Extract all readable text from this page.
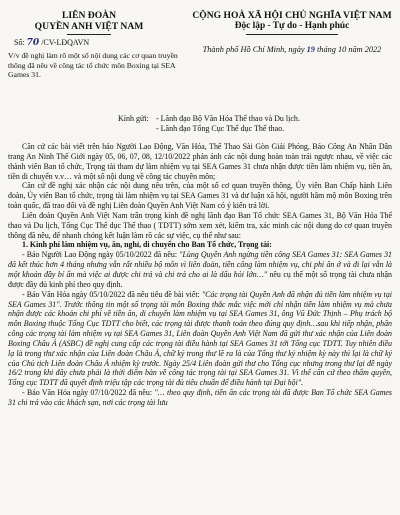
LIÊN ĐOÀN
QUYỀN ANH VIỆT NAM
CỘNG HOÀ XÃ HỘI CHỦ NGHĨA VIỆT NAM
Độc lập - Tự do - Hạnh phúc
Số: 70 /CV-LĐQAVN
V/v đề nghị làm rõ một số nội dung các cơ quan truyền thông đã nêu về công tác tổ chức môn Boxing tại SEA Games 31.
Thành phố Hồ Chí Minh, ngày 19 tháng 10 năm 2022
Kính gửi: - Lãnh đạo Bộ Văn Hóa Thể thao và Du lịch.
- Lãnh đạo Tổng Cục Thể dục Thể thao.

Căn cứ các bài viết trên báo Người Lao Động, Văn Hóa, Thể Thao Sài Gòn Giải Phóng, Báo Công An Nhân Dân trang An Ninh Thế Giới ngày 05, 06, 07, 08, 12/10/2022 phản ánh các nội dung hoàn toàn trái ngược nhau, về việc các thành viên Ban tổ chức, Trọng tài tham dự làm nhiệm vụ tại SEA Games 31 chưa nhận được tiền làm nhiệm vụ, tiền ăn, tiền di chuyển v.v… và một số nội dung về công tác chuyên môn;

Căn cứ đề nghị xác nhận các nội dung nêu trên, của một số cơ quan truyền thông, Ủy viên Ban Chấp hành Liên đoàn, Ủy viên Ban tổ chức, trọng tài làm nhiệm vụ tại SEA Games 31 và dư luận xã hội, người hâm mộ môn Boxing trên toàn quốc, đã trao đổi và đề nghị Liên đoàn Quyền Anh Việt Nam có ý kiến trả lời.

Liên đoàn Quyền Anh Việt Nam trân trọng kính đề nghị lãnh đạo Ban Tổ chức SEA Games 31, Bộ Văn Hóa Thể thao và Du lịch, Tổng Cục Thể dục Thể thao ( TDTT) sớm xem xét, kiểm tra, xác minh các nội dung do cơ quan truyền thông đã nêu, để nhanh chóng kết luận làm rõ các sự việc, cụ thể như sau:

1. Kinh phí làm nhiệm vụ, ăn, nghỉ, di chuyển cho Ban Tổ chức, Trọng tài:

- Báo Người Lao Động ngày 05/10/2022 đã nêu: "Lùng Quyền Anh ngừng tiền công SEA Games 31: SEA Games 31 đã kết thúc hơn 4 tháng nhưng vẫn rất nhiều bộ môn vì liên đoàn, tiền công làm nhiệm vụ, chi phí ăn ở và đi lại vẫn là một khoản đầy bí ẩn mà việc ai được chi trả và chi trả cho ai là dấu hỏi lớn…" nêu cụ thể một số trọng tài chưa nhận được đầy đủ kinh phí theo quy định.

- Báo Văn Hóa ngày 05/10/2022 đã nêu tiêu đề bài viết: "Các trọng tài Quyền Anh đã nhận đủ tiền làm nhiệm vụ tại SEA Games 31". Trước thông tin một số trọng tài môn Boxing thắc mắc việc mới chỉ nhận tiền làm nhiệm vụ mà chưa nhận được các khoản chi phí về tiền ăn, di chuyển làm nhiệm vụ tại SEA Games 31, ông Vũ Đức Thịnh – Phụ trách bộ môn Boxing thuộc Tổng Cục TDTT cho biết, các trọng tài được thanh toán theo đúng quy định…sau khi tiếp nhận, phân công các trọng tài làm nhiệm vụ tại SEA Games 31, Liên đoàn Quyền Anh Việt Nam đã gửi thư xác nhận của Liên đoàn Boxing Châu Á (ASBC) đề nghị cung cấp các trọng tài điều hành tại SEA Games 31 tới Tổng cục TDTT. Tuy nhiên điều lạ là trong thư xác nhận của Liên đoàn Châu Á, chữ ký trong thư lẽ ra là của Tổng thư ký nhiệm kỳ này thì lại là chữ ký của Chủ tịch Liên đoàn Châu Á nhiệm kỳ trước. Ngày 25/4 Liên đoàn gửi thư cho Tổng cục nhưng trong thư lại đề ngày 16/2 trong khi đây chưa phải là thời điểm bàn về công tác trọng tài tại SEA Games 31. Vì thế căn cứ theo thẩm quyền, Tổng cục TDTT đã quyết định triệu tập các trọng tài đủ tiêu chuẩn để điều hành tại Đại hội".

- Báo Văn Hóa ngày 07/10/2022 đã nêu: "… theo quy định, tiền ăn các trọng tài đã được Ban Tổ chức SEA Games 31 chi trả vào các khách sạn, nơi các trọng tài lưu
